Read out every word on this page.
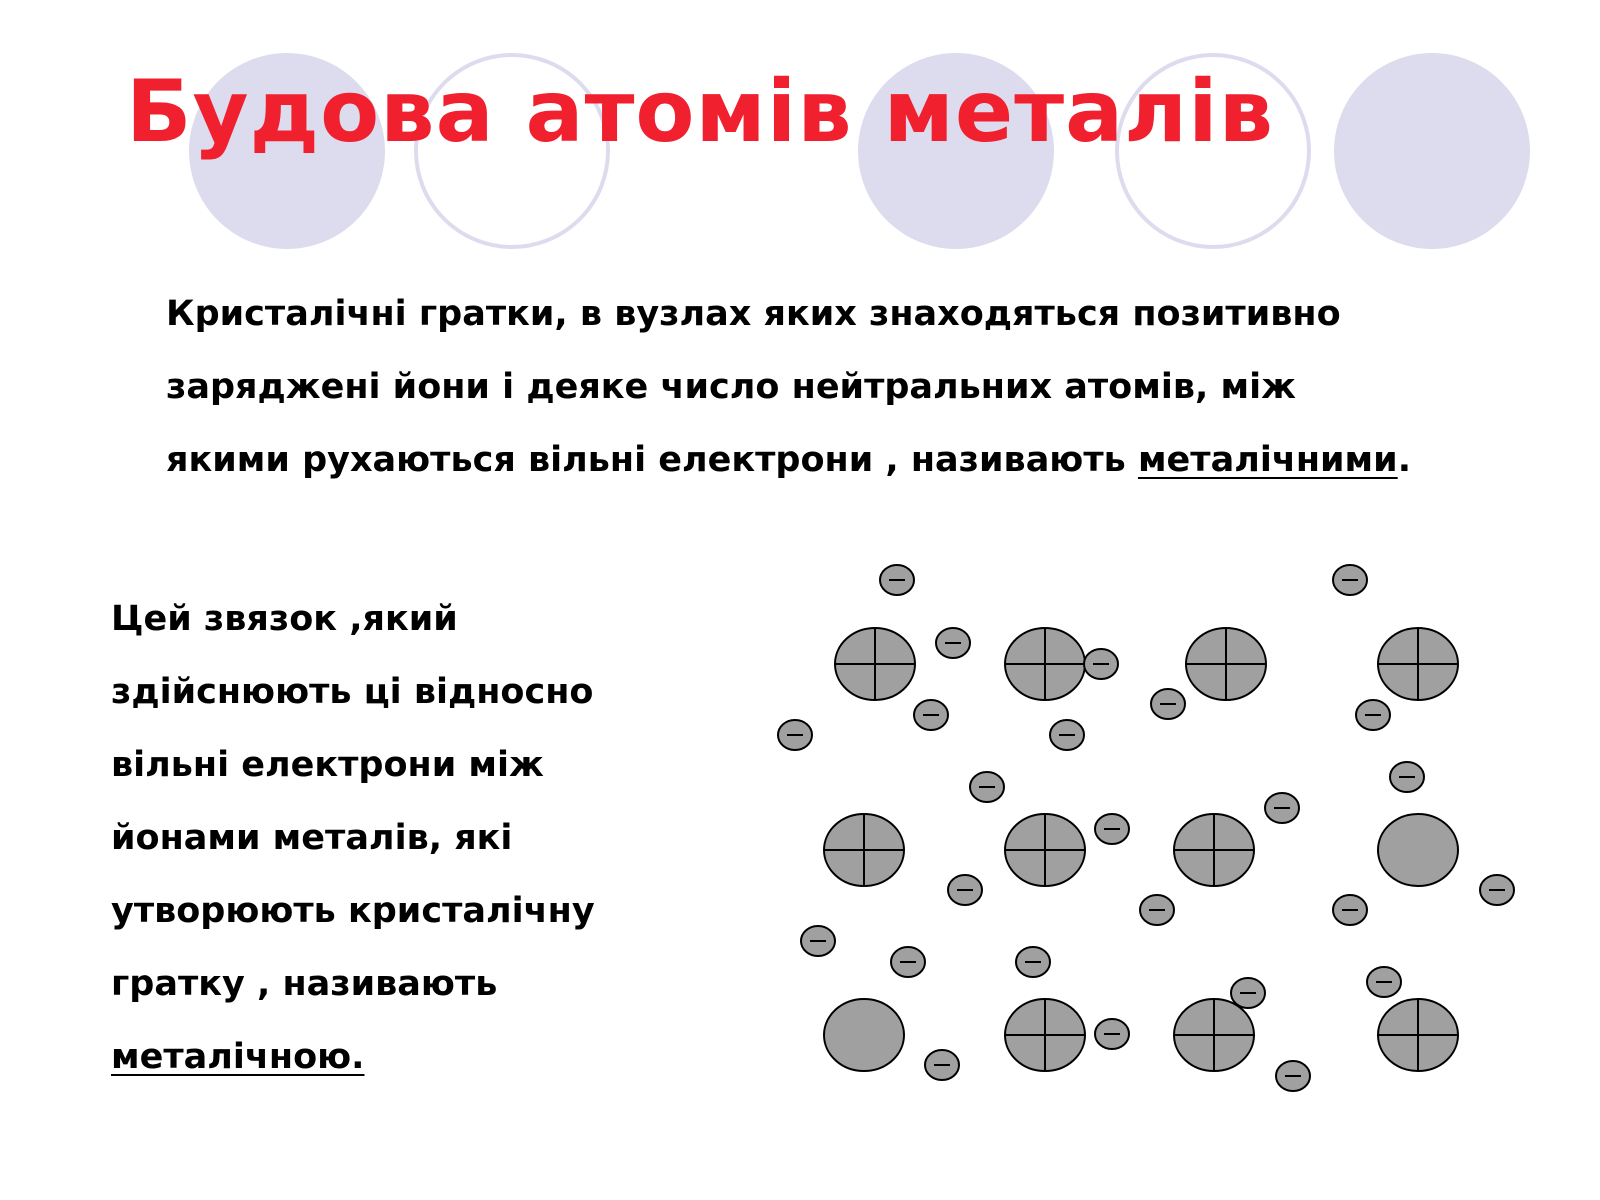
Будова атомів металів
Кристалічні гратки, в вузлах яких знаходяться позитивно
заряджені йони і деяке число нейтральних атомів, між
якими рухаються вільні електрони , називають металічними.
Цей звязок ,який
здійснюють ці відносно
вільні електрони між
йонами металів, які
утворюють кристалічну
гратку , називають
металічною.
